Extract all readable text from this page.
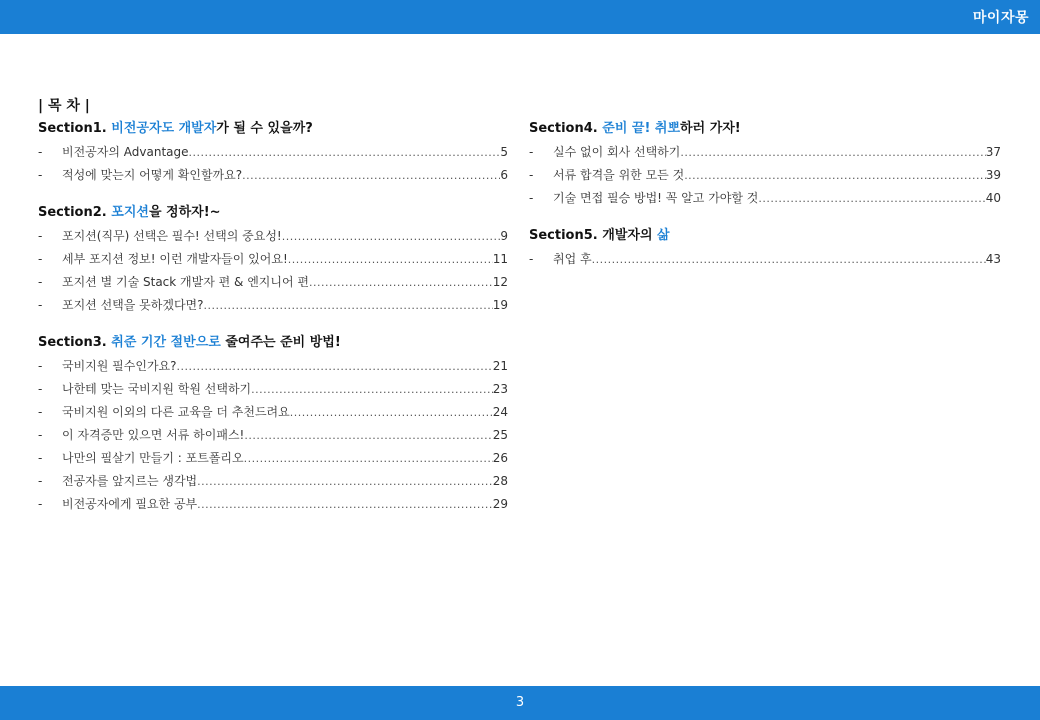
마이자몽
| 목 차 |
Section1. 비전공자도 개발자가 될 수 있을까?
-	비전공자의 Advantage .....	5
-	적성에 맞는지 어떻게 확인할까요? .....	6
Section2. 포지션을 정하자!~
-	포지션(직무) 선택은 필수! 선택의 중요성! .....	9
-	세부 포지션 정보! 이런 개발자들이 있어요! .....	11
-	포지션 별 기술 Stack 개발자 편 & 엔지니어 편 .....	12
-	포지션 선택을 못하겠다면? .....	19
Section3. 취준 기간 절반으로 줄여주는 준비 방법!
-	국비지원 필수인가요? .....	21
-	나한테 맞는 국비지원 학원 선택하기 .....	23
-	국비지원 이외의 다른 교육을 더 추천드려요 .....	24
-	이 자격증만 있으면 서류 하이패스! .....	25
-	나만의 필살기 만들기 : 포트폴리오 .....	26
-	전공자를 앞지르는 생각법 .....	28
-	비전공자에게 필요한 공부 .....	29
Section4. 준비 끝! 취뽀하러 가자!
-	실수 없이 회사 선택하기 .....	37
-	서류 합격을 위한 모든 것 .....	39
-	기술 면접 필승 방법! 꼭 알고 가야할 것 .....	40
Section5. 개발자의 삶
-	취업 후 .....	43
3
